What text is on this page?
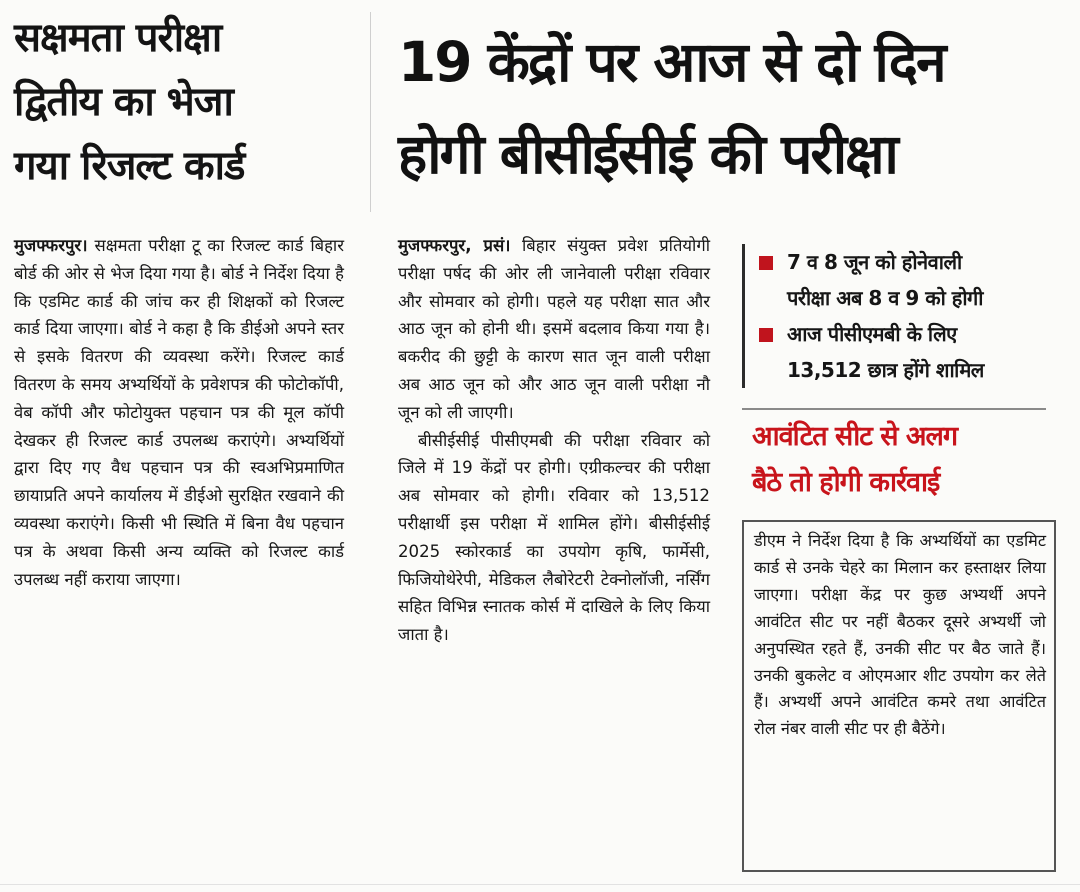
सक्षमता परीक्षा
द्वितीय का भेजा
गया रिजल्ट कार्ड

मुजफ्फरपुर। सक्षमता परीक्षा टू का रिजल्ट कार्ड बिहार बोर्ड की ओर से भेज दिया गया है। बोर्ड ने निर्देश दिया है कि एडमिट कार्ड की जांच कर ही शिक्षकों को रिजल्ट कार्ड दिया जाएगा। बोर्ड ने कहा है कि डीईओ अपने स्तर से इसके वितरण की व्यवस्था करेंगे। रिजल्ट कार्ड वितरण के समय अभ्यर्थियों के प्रवेशपत्र की फोटोकॉपी, वेब कॉपी और फोटोयुक्त पहचान पत्र की मूल कॉपी देखकर ही रिजल्ट कार्ड उपलब्ध कराएंगे। अभ्यर्थियों द्वारा दिए गए वैध पहचान पत्र की स्वअभिप्रमाणित छायाप्रति अपने कार्यालय में डीईओ सुरक्षित रखवाने की व्यवस्था कराएंगे। किसी भी स्थिति में बिना वैध पहचान पत्र के अथवा किसी अन्य व्यक्ति को रिजल्ट कार्ड उपलब्ध नहीं कराया जाएगा।

19 केंद्रों पर आज से दो दिन
होगी बीसीईसीई की परीक्षा

मुजफ्फरपुर, प्रसं। बिहार संयुक्त प्रवेश प्रतियोगी परीक्षा पर्षद की ओर ली जानेवाली परीक्षा रविवार और सोमवार को होगी। पहले यह परीक्षा सात और आठ जून को होनी थी। इसमें बदलाव किया गया है। बकरीद की छुट्टी के कारण सात जून वाली परीक्षा अब आठ जून को और आठ जून वाली परीक्षा नौ जून को ली जाएगी।

बीसीईसीई पीसीएमबी की परीक्षा रविवार को जिले में 19 केंद्रों पर होगी। एग्रीकल्चर की परीक्षा अब सोमवार को होगी। रविवार को 13,512 परीक्षार्थी इस परीक्षा में शामिल होंगे। बीसीईसीई 2025 स्कोरकार्ड का उपयोग कृषि, फार्मेसी, फिजियोथेरेपी, मेडिकल लैबोरेटरी टेक्नोलॉजी, नर्सिंग सहित विभिन्न स्नातक कोर्स में दाखिले के लिए किया जाता है।

7 व 8 जून को होनेवाली
परीक्षा अब 8 व 9 को होगी
आज पीसीएमबी के लिए
13,512 छात्र होंगे शामिल
आवंटित सीट से अलग
बैठे तो होगी कार्रवाई

डीएम ने निर्देश दिया है कि अभ्यर्थियों का एडमिट कार्ड से उनके चेहरे का मिलान कर हस्ताक्षर लिया जाएगा। परीक्षा केंद्र पर कुछ अभ्यर्थी अपने आवंटित सीट पर नहीं बैठकर दूसरे अभ्यर्थी जो अनुपस्थित रहते हैं, उनकी सीट पर बैठ जाते हैं। उनकी बुकलेट व ओएमआर शीट उपयोग कर लेते हैं। अभ्यर्थी अपने आवंटित कमरे तथा आवंटित रोल नंबर वाली सीट पर ही बैठेंगे।
